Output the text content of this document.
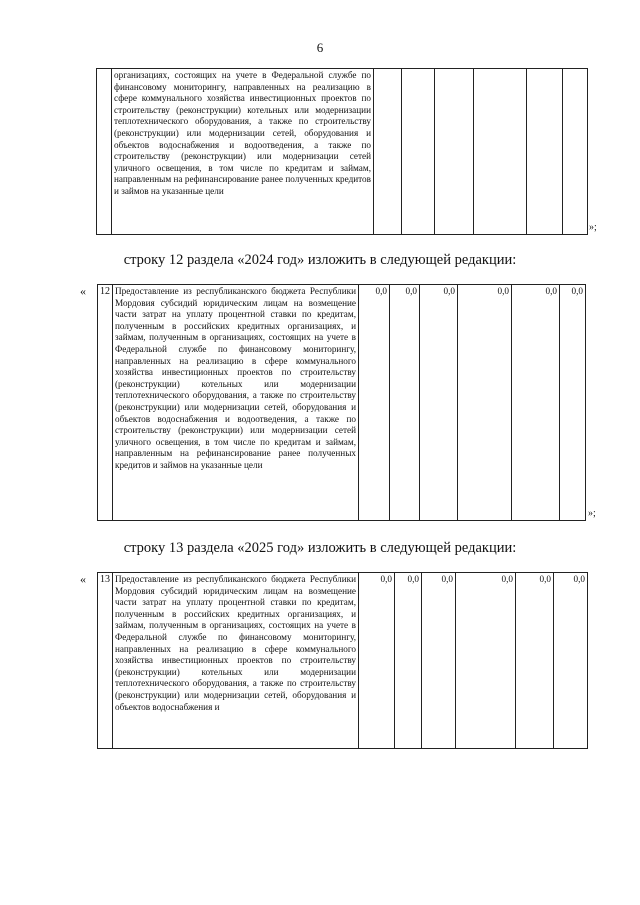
6
	организациях, состоящих на учете в Федеральной службе по финансовому мониторингу, направленных на реализацию в сфере коммунального хозяйства инвестиционных проектов по строительству (реконструкции) котельных или модернизации теплотехнического оборудования, а также по строительству (реконструкции) или модернизации сетей, оборудования и объектов водоснабжения и водоотведения, а также по строительству (реконструкции) или модернизации сетей уличного освещения, в том числе по кредитам и займам, направленным на рефинансирование ранее полученных кредитов и займов на указанные цели						
»;
строку 12 раздела «2024 год» изложить в следующей редакции:
« 12	Предоставление из республиканского бюджета Республики Мордовия субсидий юридическим лицам на возмещение части затрат на уплату процентной ставки по кредитам, полученным в российских кредитных организациях, и займам, полученным в организациях, состоящих на учете в Федеральной службе по финансовому мониторингу, направленных на реализацию в сфере коммунального хозяйства инвестиционных проектов по строительству (реконструкции) котельных или модернизации теплотехнического оборудования, а также по строительству (реконструкции) или модернизации сетей, оборудования и объектов водоснабжения и водоотведения, а также по строительству (реконструкции) или модернизации сетей уличного освещения, в том числе по кредитам и займам, направленным на рефинансирование ранее полученных кредитов и займов на указанные цели	0,0	0,0	0,0	0,0	0,0	0,0
»;
строку 13 раздела «2025 год» изложить в следующей редакции:
« 13	Предоставление из республиканского бюджета Республики Мордовия субсидий юридическим лицам на возмещение части затрат на уплату процентной ставки по кредитам, полученным в российских кредитных организациях, и займам, полученным в организациях, состоящих на учете в Федеральной службе по финансовому мониторингу, направленных на реализацию в сфере коммунального хозяйства инвестиционных проектов по строительству (реконструкции) котельных или модернизации теплотехнического оборудования, а также по строительству (реконструкции) или модернизации сетей, оборудования и объектов водоснабжения и	0,0	0,0	0,0	0,0	0,0	0,0
